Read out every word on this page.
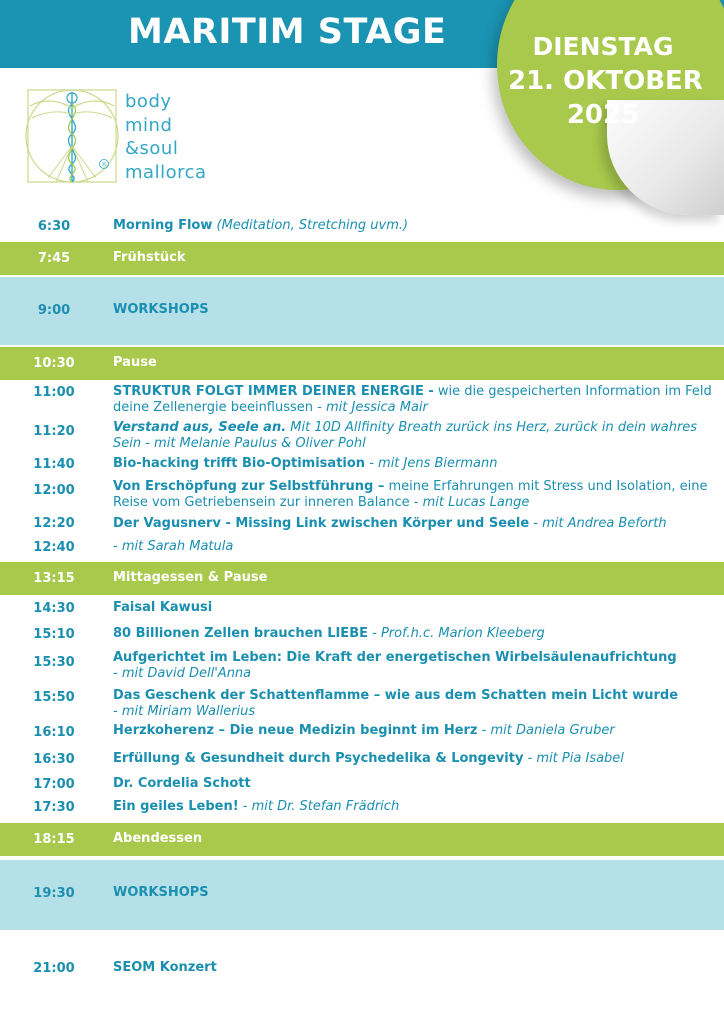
MARITIM STAGE	DIENSTAG
21. OKTOBER
2025
®
body
mind
&soul
mallorca
6:30	Morning Flow (Meditation, Stretching uvm.)
7:45	Frühstück
9:00	WORKSHOPS
10:30	Pause
11:00	STRUKTUR FOLGT IMMER DEINER ENERGIE - wie die gespeicherten Information im Feld deine Zellenergie beeinflussen - mit Jessica Mair
11:20	Verstand aus, Seele an. Mit 10D Allfinity Breath zurück ins Herz, zurück in dein wahres Sein - mit Melanie Paulus & Oliver Pohl
11:40	Bio-hacking trifft Bio-Optimisation - mit Jens Biermann
12:00	Von Erschöpfung zur Selbstführung – meine Erfahrungen mit Stress und Isolation, eine Reise vom Getriebensein zur inneren Balance - mit Lucas Lange
12:20	Der Vagusnerv - Missing Link zwischen Körper und Seele - mit Andrea Beforth
12:40	- mit Sarah Matula
13:15	Mittagessen & Pause
14:30	Faisal Kawusi
15:10	80 Billionen Zellen brauchen LIEBE - Prof.h.c. Marion Kleeberg
15:30	Aufgerichtet im Leben: Die Kraft der energetischen Wirbelsäulenaufrichtung
- mit David Dell'Anna
15:50	Das Geschenk der Schattenflamme – wie aus dem Schatten mein Licht wurde
- mit Miriam Wallerius
16:10	Herzkoherenz – Die neue Medizin beginnt im Herz - mit Daniela Gruber
16:30	Erfüllung & Gesundheit durch Psychedelika & Longevity - mit Pia Isabel
17:00	Dr. Cordelia Schott
17:30	Ein geiles Leben! - mit Dr. Stefan Frädrich
18:15	Abendessen
19:30	WORKSHOPS
21:00	SEOM Konzert
